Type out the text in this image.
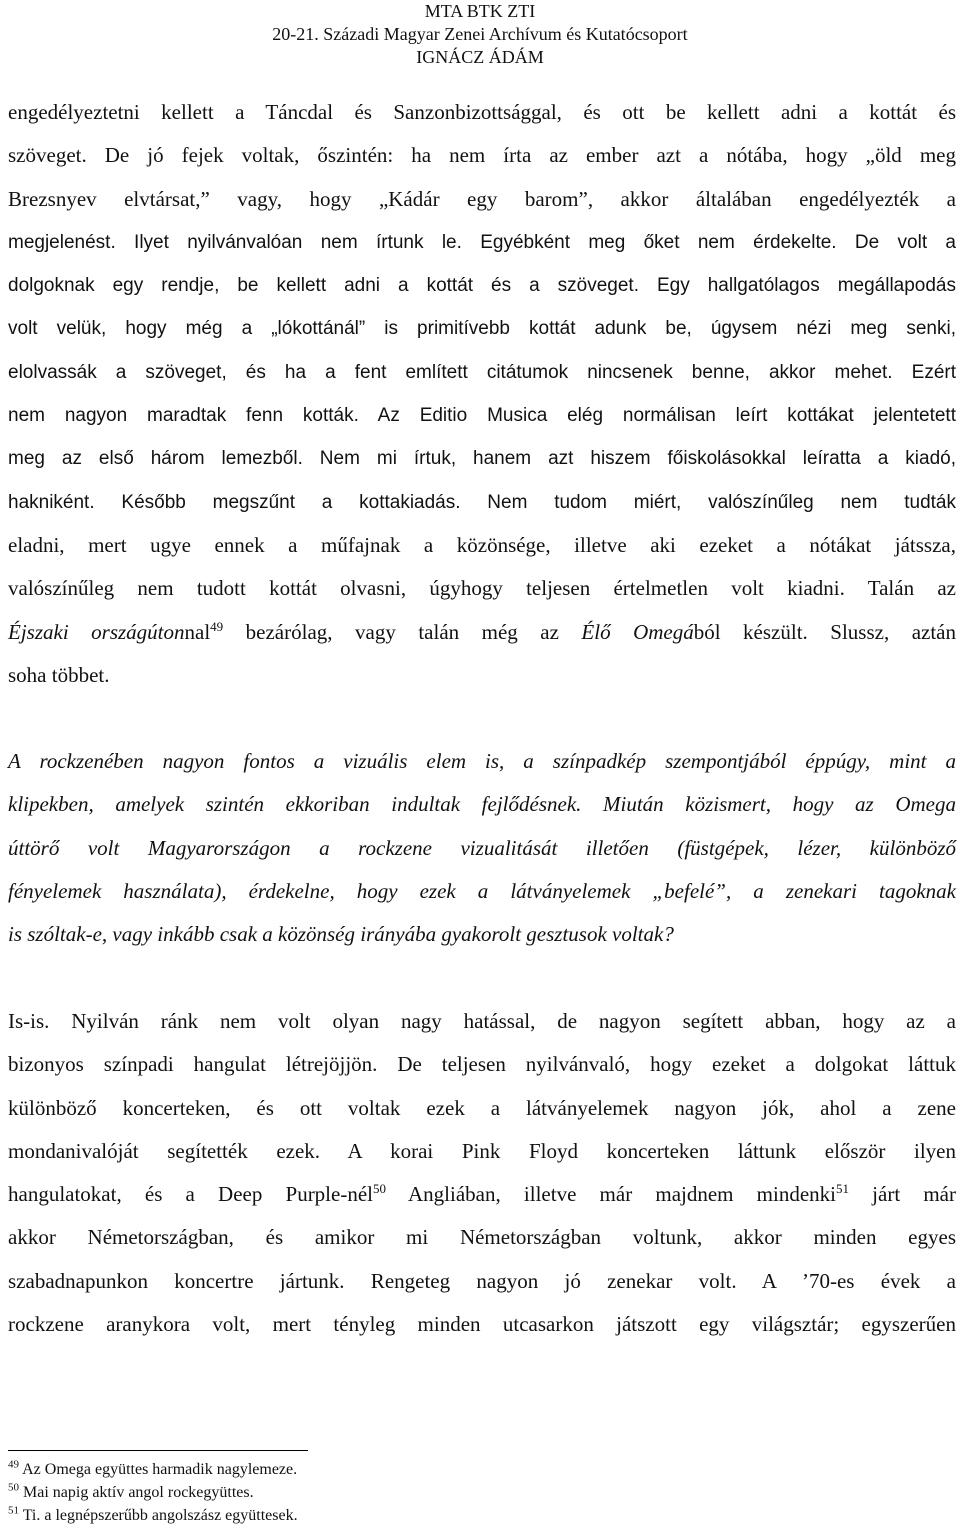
MTA BTK ZTI
20-21. Századi Magyar Zenei Archívum és Kutatócsoport
IGNÁCZ ÁDÁM
engedélyeztetni kellett a Táncdal és Sanzonbizottsággal, és ott be kellett adni a kottát és
szöveget. De jó fejek voltak, őszintén: ha nem írta az ember azt a nótába, hogy „öld meg
Brezsnyev elvtársat,” vagy, hogy „Kádár egy barom”, akkor általában engedélyezték a
megjelenést. Ilyet nyilvánvalóan nem írtunk le. Egyébként meg őket nem érdekelte. De volt a
dolgoknak egy rendje, be kellett adni a kottát és a szöveget. Egy hallgatólagos megállapodás
volt velük, hogy még a „lókottánál” is primitívebb kottát adunk be, úgysem nézi meg senki,
elolvassák a szöveget, és ha a fent említett citátumok nincsenek benne, akkor mehet. Ezért
nem nagyon maradtak fenn kották. Az Editio Musica elég normálisan leírt kottákat jelentetett
meg az első három lemezből. Nem mi írtuk, hanem azt hiszem főiskolásokkal leíratta a kiadó,
hakniként. Később megszűnt a kottakiadás. Nem tudom miért, valószínűleg nem tudták
eladni, mert ugye ennek a műfajnak a közönsége, illetve aki ezeket a nótákat játssza,
valószínűleg nem tudott kottát olvasni, úgyhogy teljesen értelmetlen volt kiadni. Talán az
Éjszaki országútonnal$^{49}$ bezárólag, vagy talán még az Élő Omegából készült. Slussz, aztán
soha többet.
A rockzenében nagyon fontos a vizuális elem is, a színpadkép szempontjából éppúgy, mint a
klipekben, amelyek szintén ekkoriban indultak fejlődésnek. Miután közismert, hogy az Omega
úttörő volt Magyarországon a rockzene vizualitását illetően (füstgépek, lézer, különböző
fényelemek használata), érdekelne, hogy ezek a látványelemek „befelé”, a zenekari tagoknak
is szóltak-e, vagy inkább csak a közönség irányába gyakorolt gesztusok voltak?
Is-is. Nyilván ránk nem volt olyan nagy hatással, de nagyon segített abban, hogy az a
bizonyos színpadi hangulat létrejöjjön. De teljesen nyilvánvaló, hogy ezeket a dolgokat láttuk
különböző koncerteken, és ott voltak ezek a látványelemek nagyon jók, ahol a zene
mondanivalóját segítették ezek. A korai Pink Floyd koncerteken láttunk először ilyen
hangulatokat, és a Deep Purple-nél$^{50}$ Angliában, illetve már majdnem mindenki$^{51}$ járt már
akkor Németországban, és amikor mi Németországban voltunk, akkor minden egyes
szabadnapunkon koncertre jártunk. Rengeteg nagyon jó zenekar volt. A ’70-es évek a
rockzene aranykora volt, mert tényleg minden utcasarkon játszott egy világsztár; egyszerűen
$^{49}$ Az Omega együttes harmadik nagylemeze.
$^{50}$ Mai napig aktív angol rockegyüttes.
$^{51}$ Ti. a legnépszerűbb angolszász együttesek.
